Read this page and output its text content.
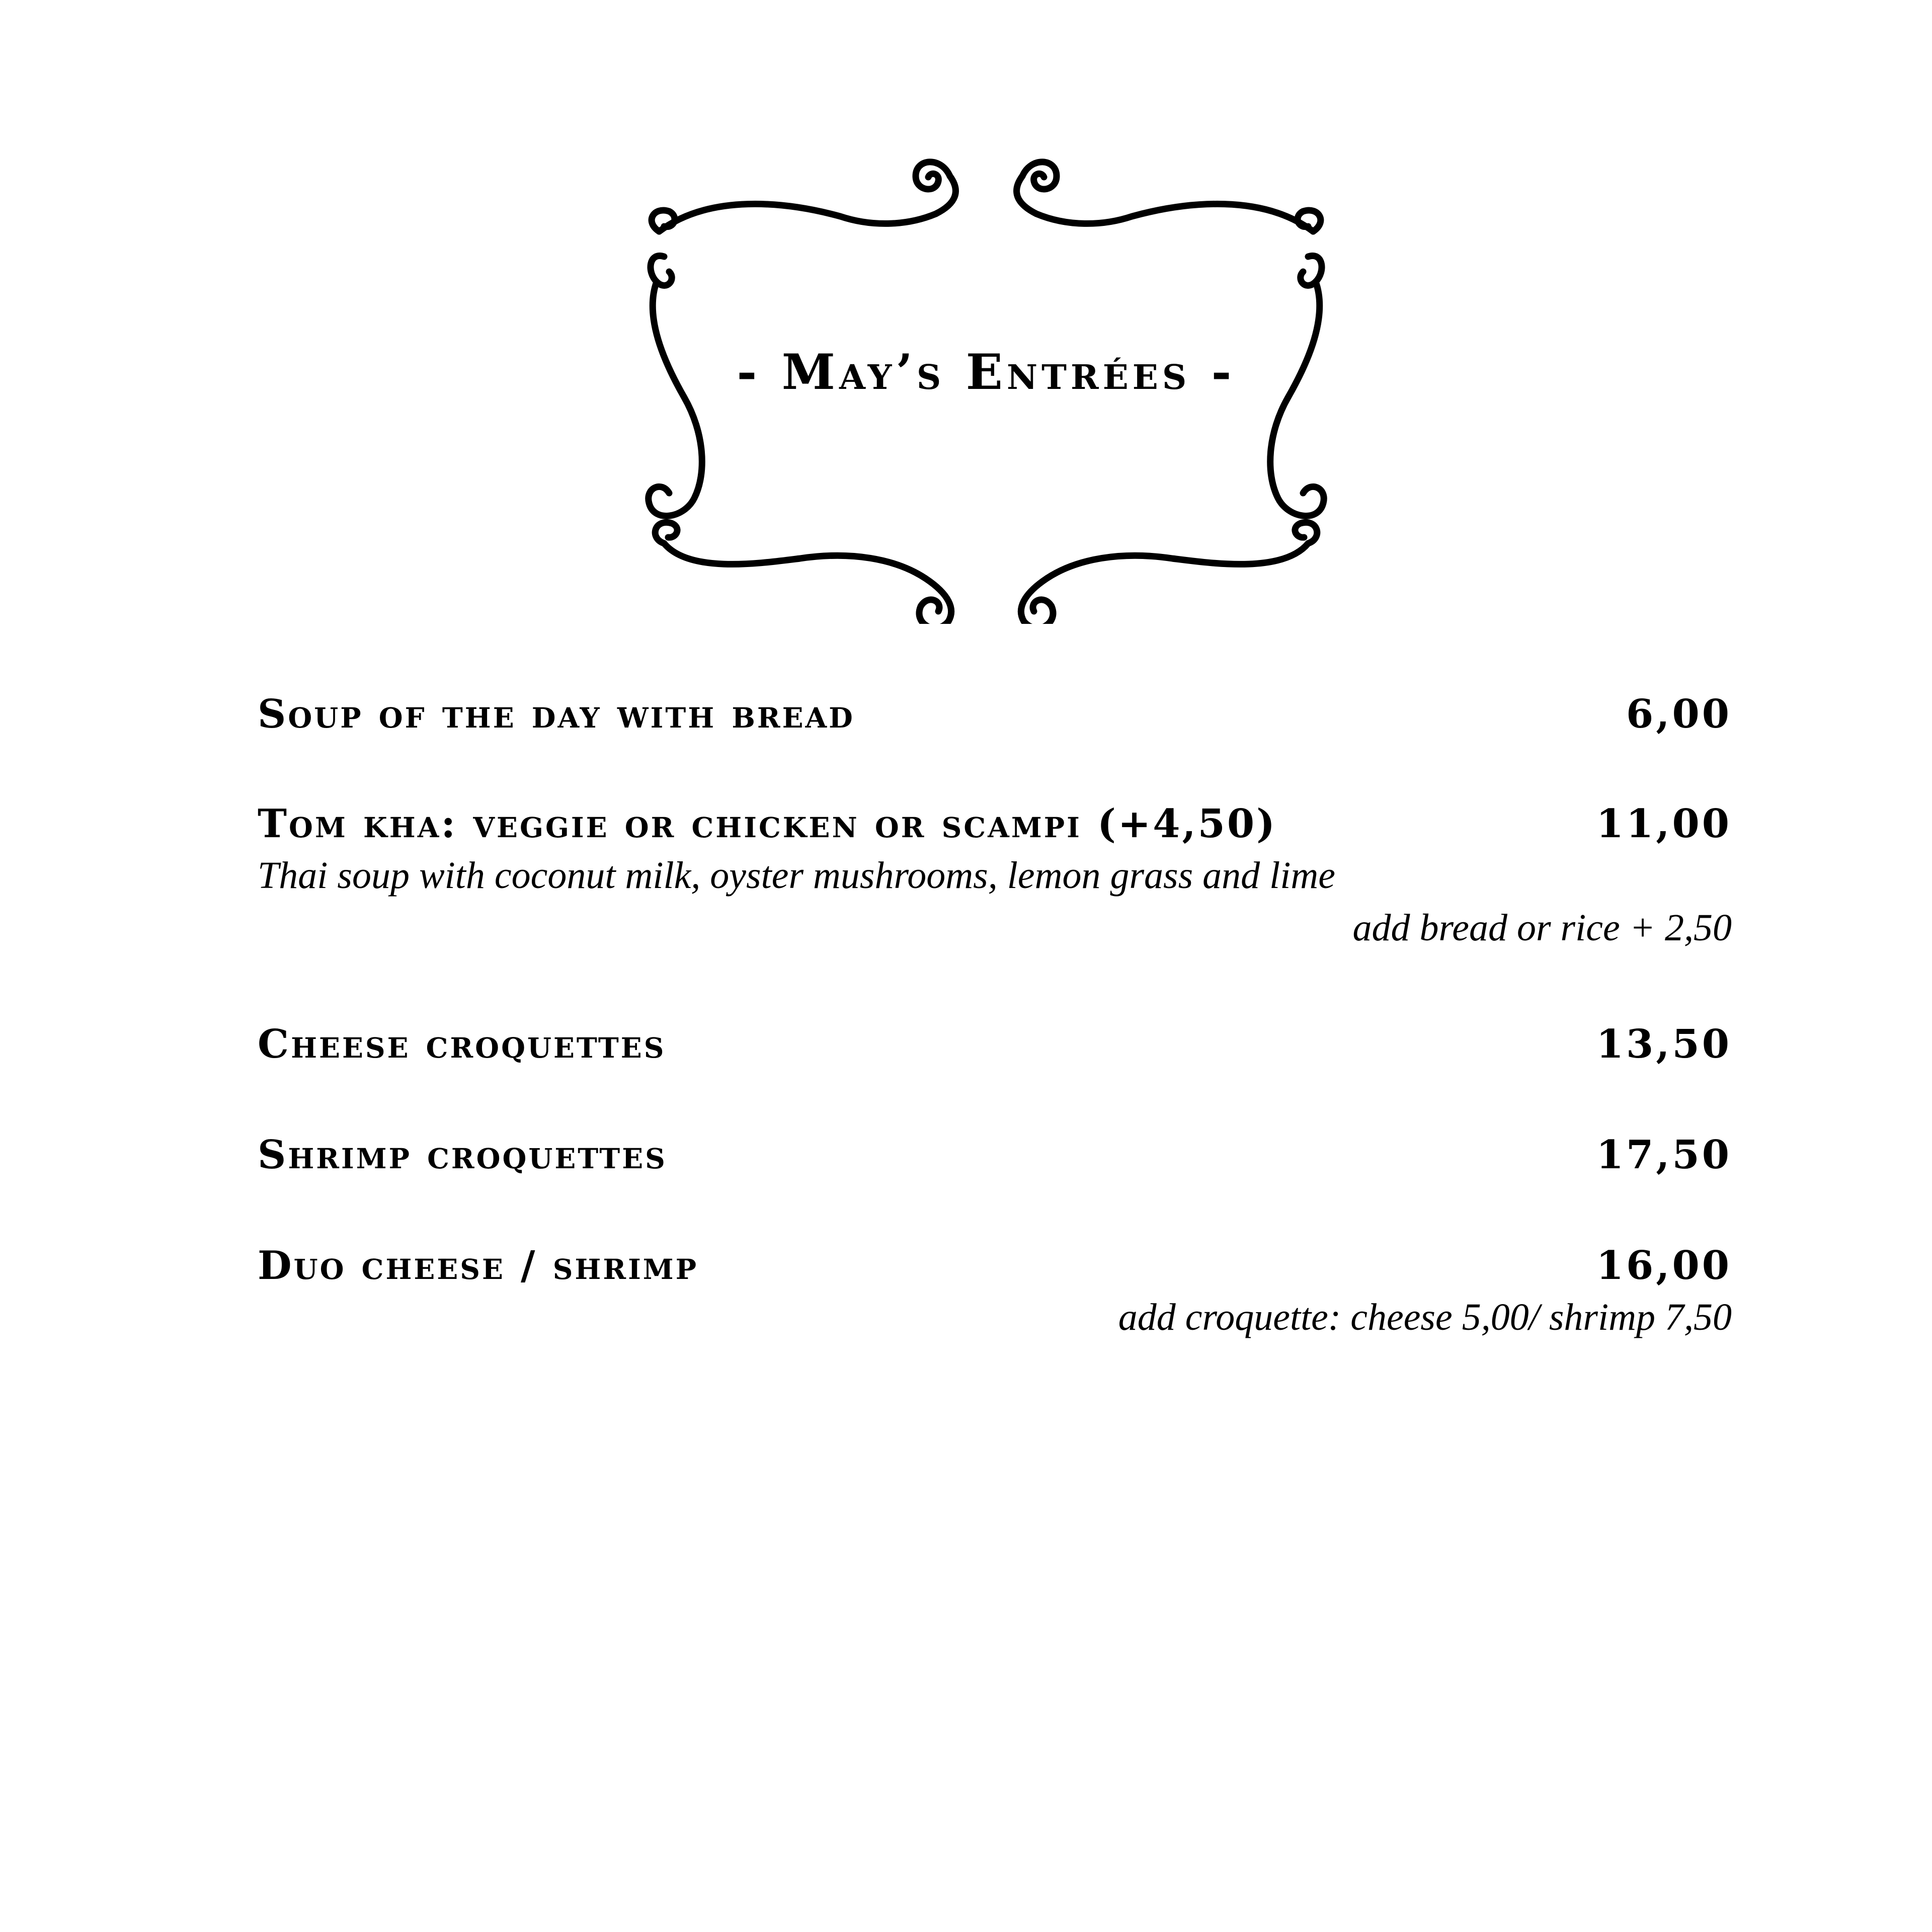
- May’s Entrées -
Soup of the day with bread	6,00
Tom kha: veggie or chicken or scampi (+4,50)	11,00
Thai soup with coconut milk, oyster mushrooms, lemon grass and lime
add bread or rice + 2,50
Cheese croquettes	13,50
Shrimp croquettes	17,50
Duo cheese / shrimp	16,00
add croquette: cheese 5,00/ shrimp 7,50
